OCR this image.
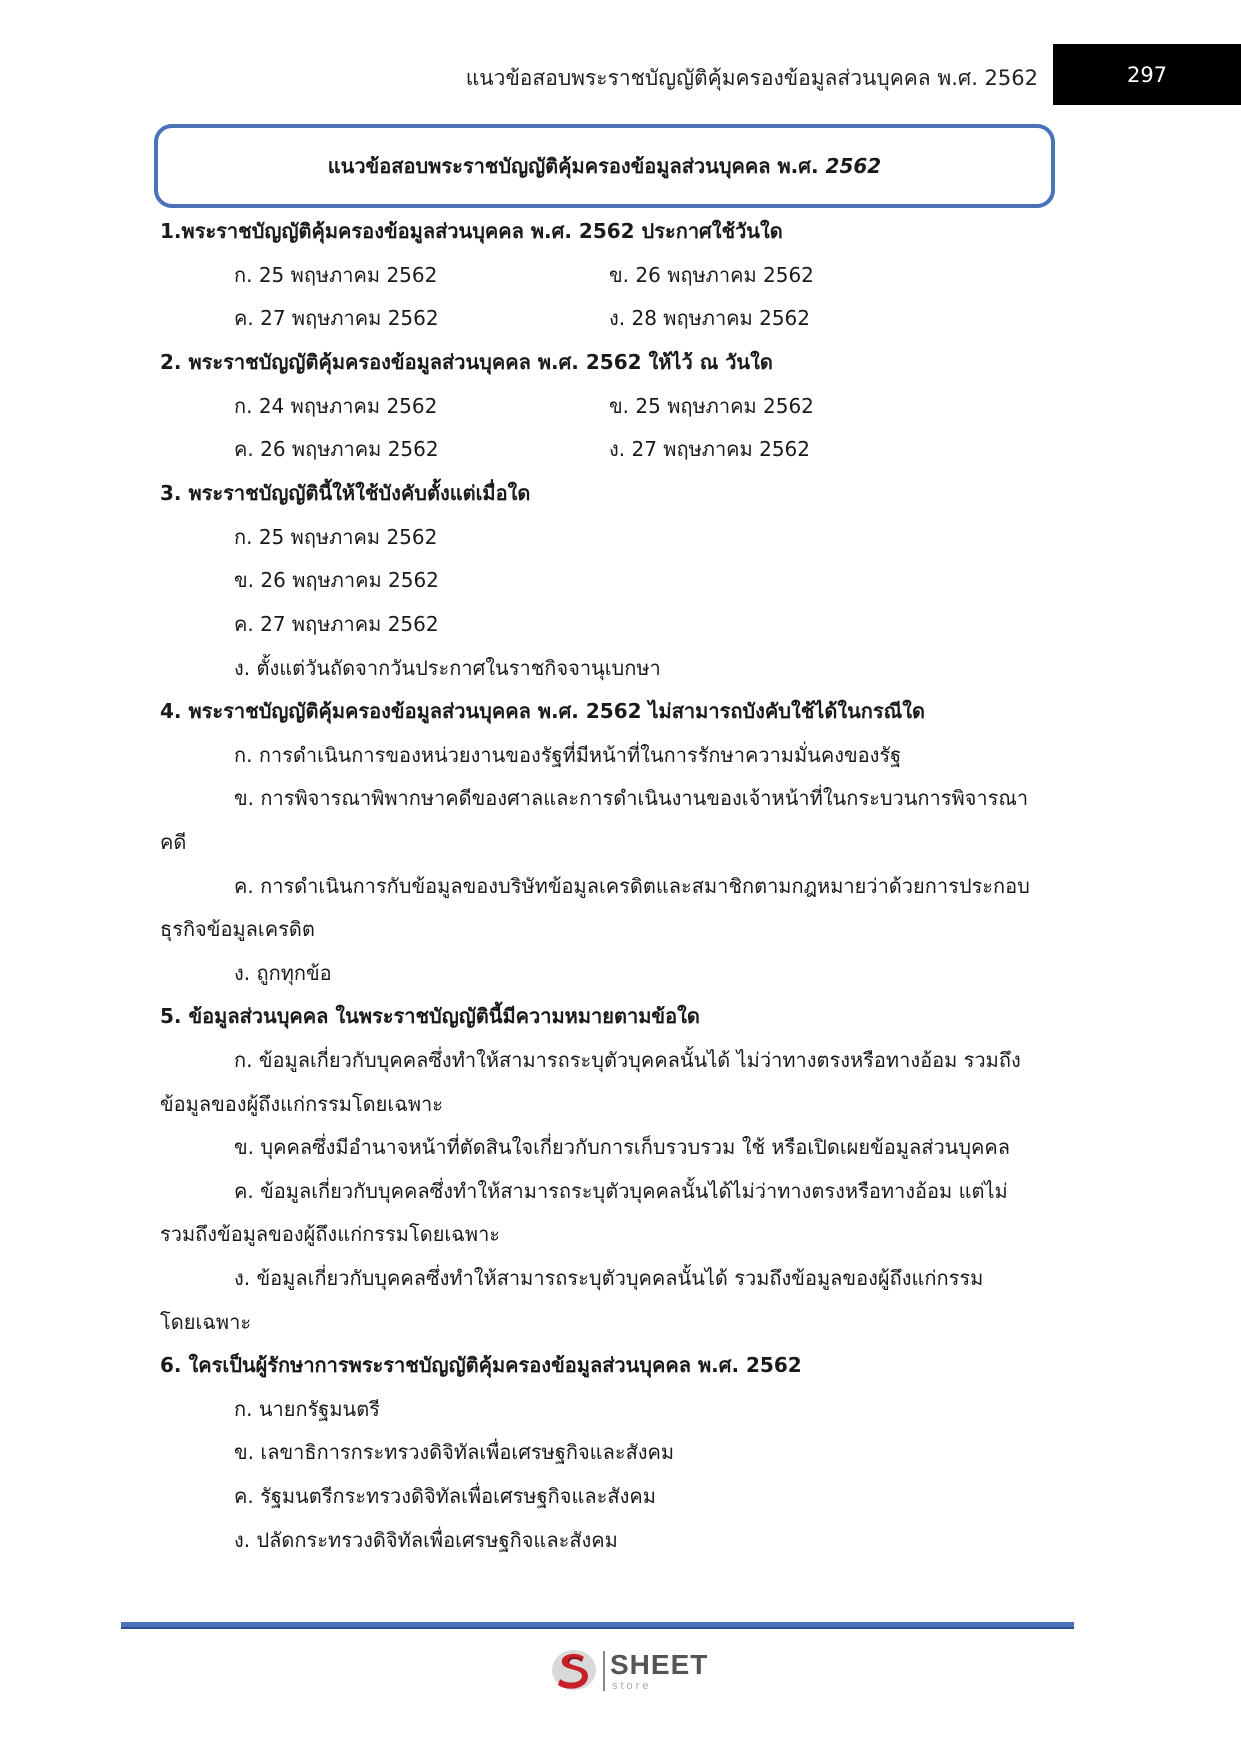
แนวข้อสอบพระราชบัญญัติคุ้มครองข้อมูลส่วนบุคคล พ.ศ. 2562	297
แนวข้อสอบพระราชบัญญัติคุ้มครองข้อมูลส่วนบุคคล พ.ศ.
2562
1.พระราชบัญญัติคุ้มครองข้อมูลส่วนบุคคล พ.ศ. 2562 ประกาศใช้วันใด
ก. 25 พฤษภาคม 2562	ข. 26 พฤษภาคม 2562
ค. 27 พฤษภาคม 2562	ง. 28 พฤษภาคม 2562
2. พระราชบัญญัติคุ้มครองข้อมูลส่วนบุคคล พ.ศ. 2562 ให้ไว้ ณ วันใด
ก. 24 พฤษภาคม 2562	ข. 25 พฤษภาคม 2562
ค. 26 พฤษภาคม 2562	ง. 27 พฤษภาคม 2562
3. พระราชบัญญัตินี้ให้ใช้บังคับตั้งแต่เมื่อใด
ก. 25 พฤษภาคม 2562
ข. 26 พฤษภาคม 2562
ค. 27 พฤษภาคม 2562
ง. ตั้งแต่วันถัดจากวันประกาศในราชกิจจานุเบกษา
4. พระราชบัญญัติคุ้มครองข้อมูลส่วนบุคคล พ.ศ. 2562 ไม่สามารถบังคับใช้ได้ในกรณีใด
ก. การดำเนินการของหน่วยงานของรัฐที่มีหน้าที่ในการรักษาความมั่นคงของรัฐ
ข. การพิจารณาพิพากษาคดีของศาลและการดำเนินงานของเจ้าหน้าที่ในกระบวนการพิจารณา
คดี
ค. การดำเนินการกับข้อมูลของบริษัทข้อมูลเครดิตและสมาชิกตามกฎหมายว่าด้วยการประกอบ
ธุรกิจข้อมูลเครดิต
ง. ถูกทุกข้อ
5. ข้อมูลส่วนบุคคล ในพระราชบัญญัตินี้มีความหมายตามข้อใด
ก. ข้อมูลเกี่ยวกับบุคคลซึ่งทำให้สามารถระบุตัวบุคคลนั้นได้ ไม่ว่าทางตรงหรือทางอ้อม รวมถึง
ข้อมูลของผู้ถึงแก่กรรมโดยเฉพาะ
ข. บุคคลซึ่งมีอำนาจหน้าที่ตัดสินใจเกี่ยวกับการเก็บรวบรวม ใช้ หรือเปิดเผยข้อมูลส่วนบุคคล
ค. ข้อมูลเกี่ยวกับบุคคลซึ่งทำให้สามารถระบุตัวบุคคลนั้นได้ไม่ว่าทางตรงหรือทางอ้อม แต่ไม่
รวมถึงข้อมูลของผู้ถึงแก่กรรมโดยเฉพาะ
ง. ข้อมูลเกี่ยวกับบุคคลซึ่งทำให้สามารถระบุตัวบุคคลนั้นได้ รวมถึงข้อมูลของผู้ถึงแก่กรรม
โดยเฉพาะ
6. ใครเป็นผู้รักษาการพระราชบัญญัติคุ้มครองข้อมูลส่วนบุคคล พ.ศ. 2562
ก. นายกรัฐมนตรี
ข. เลขาธิการกระทรวงดิจิทัลเพื่อเศรษฐกิจและสังคม
ค. รัฐมนตรีกระทรวงดิจิทัลเพื่อเศรษฐกิจและสังคม
ง. ปลัดกระทรวงดิจิทัลเพื่อเศรษฐกิจและสังคม
SHEET
store
